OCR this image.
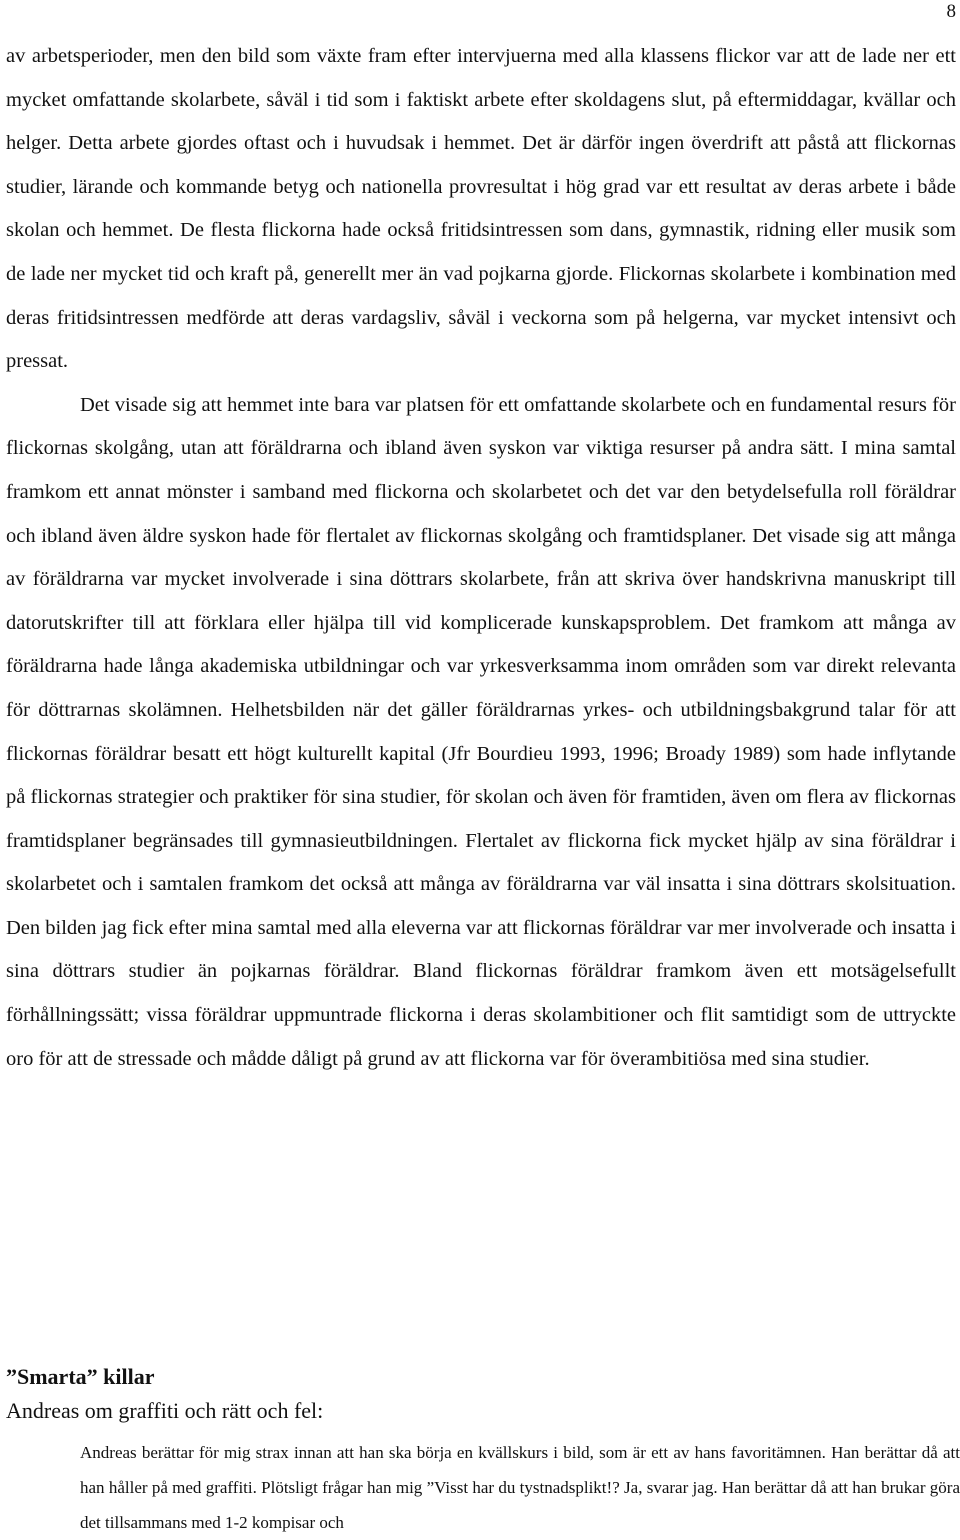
8

av arbetsperioder, men den bild som växte fram efter intervjuerna med alla klassens flickor var att de lade ner ett mycket omfattande skolarbete, såväl i tid som i faktiskt arbete efter skoldagens slut, på eftermiddagar, kvällar och helger. Detta arbete gjordes oftast och i huvudsak i hemmet. Det är därför ingen överdrift att påstå att flickornas studier, lärande och kommande betyg och nationella provresultat i hög grad var ett resultat av deras arbete i både skolan och hemmet. De flesta flickorna hade också fritidsintressen som dans, gymnastik, ridning eller musik som de lade ner mycket tid och kraft på, generellt mer än vad pojkarna gjorde. Flickornas skolarbete i kombination med deras fritidsintressen medförde att deras vardagsliv, såväl i veckorna som på helgerna, var mycket intensivt och pressat.

Det visade sig att hemmet inte bara var platsen för ett omfattande skolarbete och en fundamental resurs för flickornas skolgång, utan att föräldrarna och ibland även syskon var viktiga resurser på andra sätt. I mina samtal framkom ett annat mönster i samband med flickorna och skolarbetet och det var den betydelsefulla roll föräldrar och ibland även äldre syskon hade för flertalet av flickornas skolgång och framtidsplaner. Det visade sig att många av föräldrarna var mycket involverade i sina döttrars skolarbete, från att skriva över handskrivna manuskript till datorutskrifter till att förklara eller hjälpa till vid komplicerade kunskapsproblem. Det framkom att många av föräldrarna hade långa akademiska utbildningar och var yrkesverksamma inom områden som var direkt relevanta för döttrarnas skolämnen. Helhetsbilden när det gäller föräldrarnas yrkes- och utbildningsbakgrund talar för att flickornas föräldrar besatt ett högt kulturellt kapital (Jfr Bourdieu 1993, 1996; Broady 1989) som hade inflytande på flickornas strategier och praktiker för sina studier, för skolan och även för framtiden, även om flera av flickornas framtidsplaner begränsades till gymnasieutbildningen. Flertalet av flickorna fick mycket hjälp av sina föräldrar i skolarbetet och i samtalen framkom det också att många av föräldrarna var väl insatta i sina döttrars skolsituation. Den bilden jag fick efter mina samtal med alla eleverna var att flickornas föräldrar var mer involverade och insatta i sina döttrars studier än pojkarnas föräldrar. Bland flickornas föräldrar framkom även ett motsägelsefullt förhållningssätt; vissa föräldrar uppmuntrade flickorna i deras skolambitioner och flit samtidigt som de uttryckte oro för att de stressade och mådde dåligt på grund av att flickorna var för överambitiösa med sina studier.

”Smarta” killar
Andreas om graffiti och rätt och fel:

Andreas berättar för mig strax innan att han ska börja en kvällskurs i bild, som är ett av hans favoritämnen. Han berättar då att han håller på med graffiti. Plötsligt frågar han mig ”Visst har du tystnadsplikt!? Ja, svarar jag. Han berättar då att han brukar göra det tillsammans med 1-2 kompisar och
